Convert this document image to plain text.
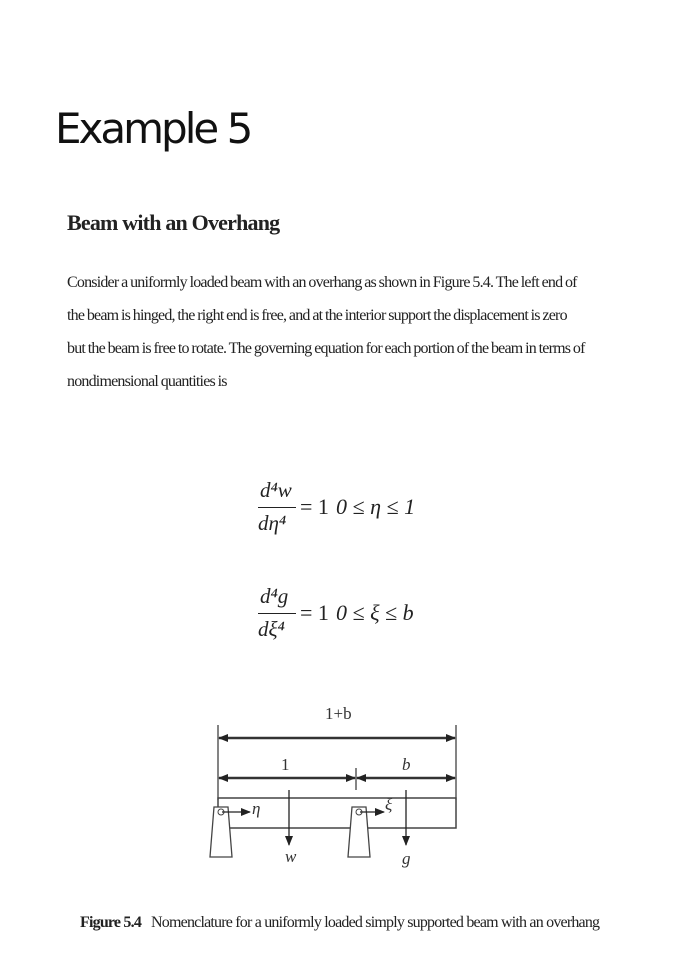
Example 5
Beam with an Overhang
Consider a uniformly loaded beam with an overhang as shown in Figure 5.4. The left end of
the beam is hinged, the right end is free, and at the interior support the displacement is zero
but the beam is free to rotate. The governing equation for each portion of the beam in terms of
nondimensional quantities is
d⁴w
dη⁴
= 1 0 ≤ η ≤ 1
d⁴g
dξ⁴
= 1 0 ≤ ξ ≤ b
1+b
1	b
η	ξ
w	g
Figure 5.4 Nomenclature for a uniformly loaded simply supported beam with an overhang
